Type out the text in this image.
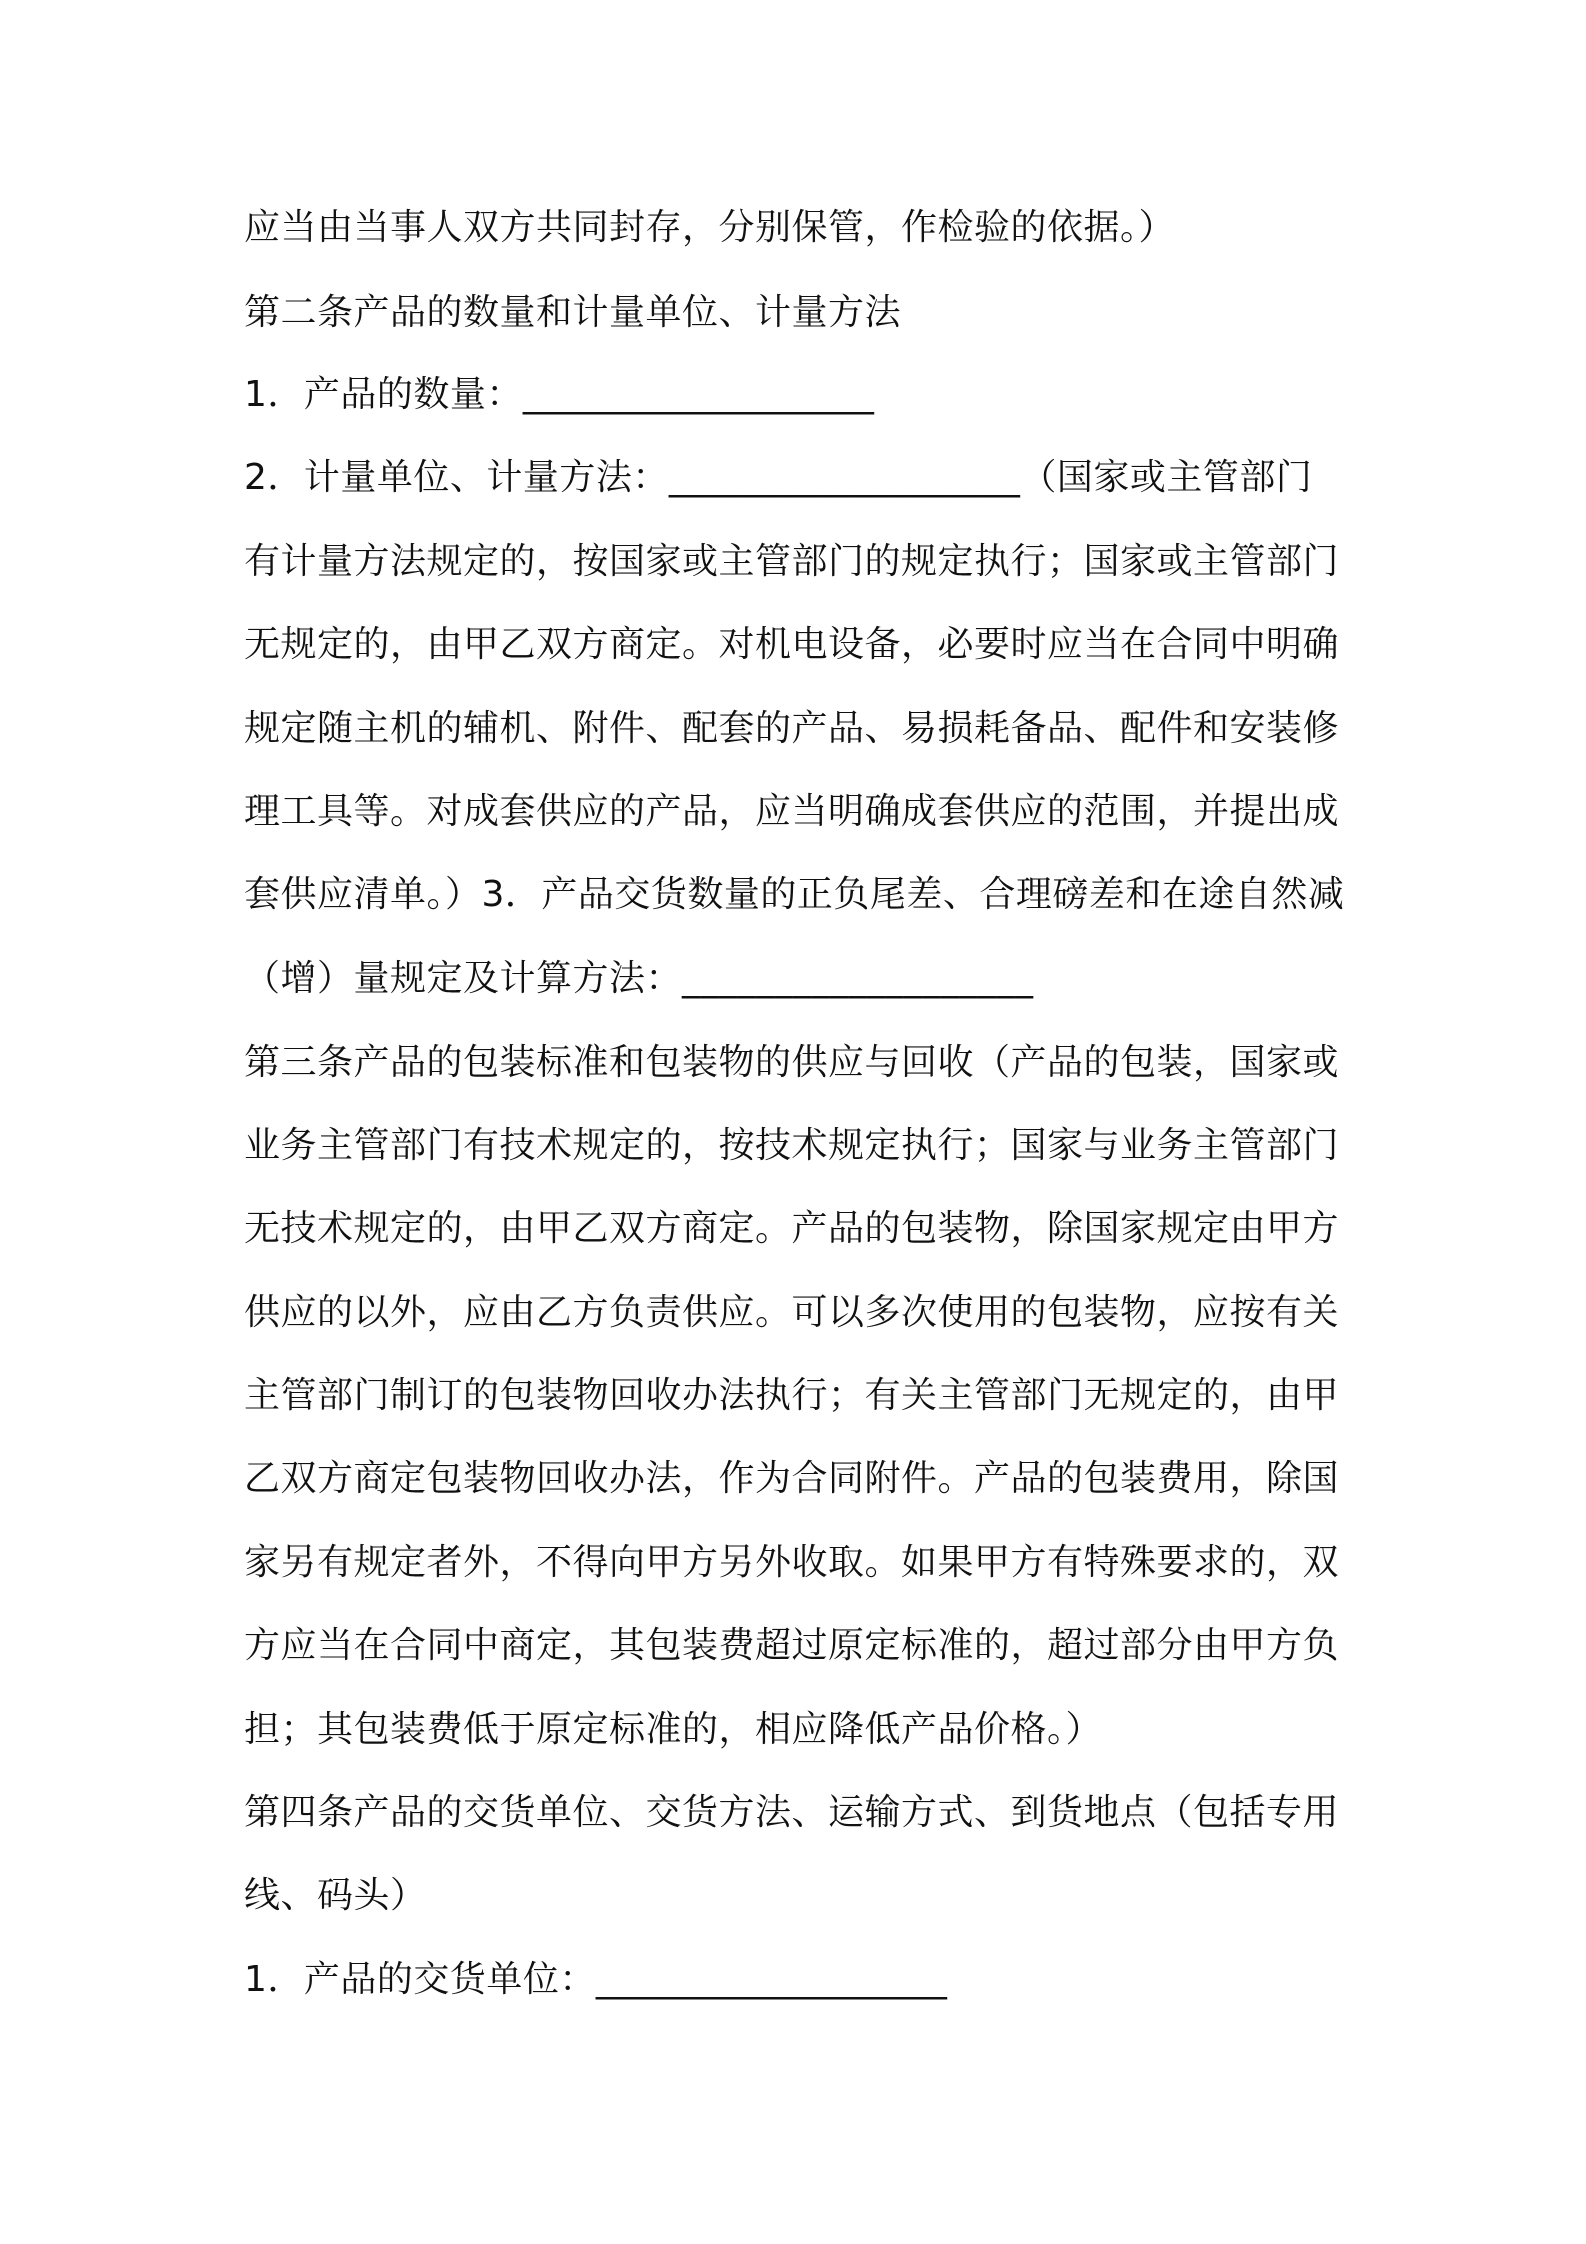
应当由当事人双方共同封存，分别保管，作检验的依据。）
第二条产品的数量和计量单位、计量方法
1．产品的数量：___________________
2．计量单位、计量方法：___________________（国家或主管部门
有计量方法规定的，按国家或主管部门的规定执行；国家或主管部门
无规定的，由甲乙双方商定。对机电设备，必要时应当在合同中明确
规定随主机的辅机、附件、配套的产品、易损耗备品、配件和安装修
理工具等。对成套供应的产品，应当明确成套供应的范围，并提出成
套供应清单。）3．产品交货数量的正负尾差、合理磅差和在途自然减
（增）量规定及计算方法：___________________
第三条产品的包装标准和包装物的供应与回收（产品的包装，国家或
业务主管部门有技术规定的，按技术规定执行；国家与业务主管部门
无技术规定的，由甲乙双方商定。产品的包装物，除国家规定由甲方
供应的以外，应由乙方负责供应。可以多次使用的包装物，应按有关
主管部门制订的包装物回收办法执行；有关主管部门无规定的，由甲
乙双方商定包装物回收办法，作为合同附件。产品的包装费用，除国
家另有规定者外，不得向甲方另外收取。如果甲方有特殊要求的，双
方应当在合同中商定，其包装费超过原定标准的，超过部分由甲方负
担；其包装费低于原定标准的，相应降低产品价格。）
第四条产品的交货单位、交货方法、运输方式、到货地点（包括专用
线、码头）
1．产品的交货单位：___________________
